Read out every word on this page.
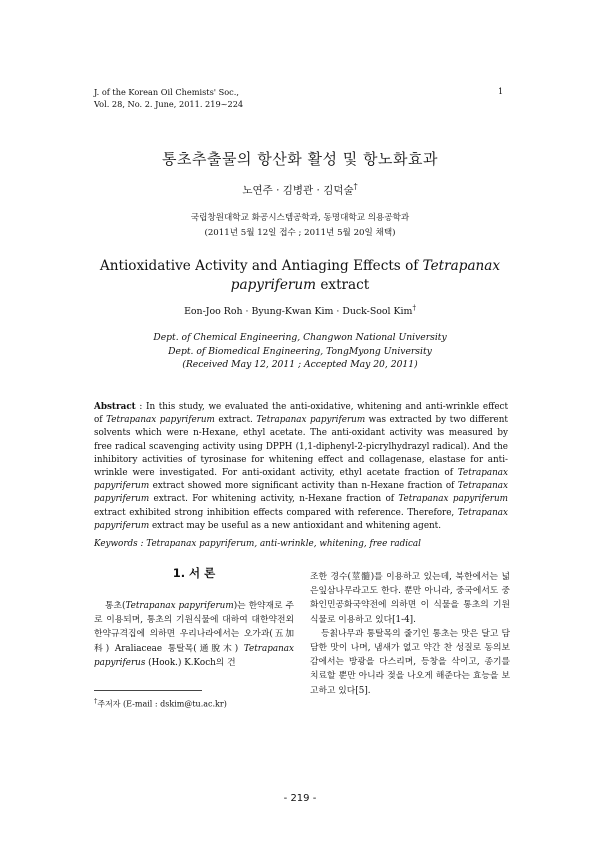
J. of the Korean Oil Chemists' Soc.,
Vol. 28, No. 2. June, 2011. 219~224
1
통초추출물의 항산화 활성 및 항노화효과
노연주 · 김병관 · 김덕술†
국립창원대학교 화공시스템공학과, 동명대학교 의용공학과
(2011년 5월 12일 접수 ; 2011년 5월 20일 채택)
Antioxidative Activity and Antiaging Effects of Tetrapanax papyriferum extract
Eon-Joo Roh · Byung-Kwan Kim · Duck-Sool Kim†
Dept. of Chemical Engineering, Changwon National University
Dept. of Biomedical Engineering, TongMyong University
(Received May 12, 2011 ; Accepted May 20, 2011)
Abstract : In this study, we evaluated the anti-oxidative, whitening and anti-wrinkle effect of Tetrapanax papyriferum extract. Tetrapanax papyriferum was extracted by two different solvents which were n-Hexane, ethyl acetate. The anti-oxidant activity was measured by free radical scavenging activity using DPPH (1,1-diphenyl-2-picrylhydrazyl radical). And the inhibitory activities of tyrosinase for whitening effect and collagenase, elastase for anti-wrinkle were investigated. For anti-oxidant activity, ethyl acetate fraction of Tetrapanax papyriferum extract showed more significant activity than n-Hexane fraction of Tetrapanax papyriferum extract. For whitening activity, n-Hexane fraction of Tetrapanax papyriferum extract exhibited strong inhibition effects compared with reference. Therefore, Tetrapanax papyriferum extract may be useful as a new antioxidant and whitening agent.
Keywords : Tetrapanax papyriferum, anti-wrinkle, whitening, free radical
1. 서 론

통초(Tetrapanax papyriferum)는 한약재로 주로 이용되며, 통초의 기원식물에 대하여 대한약전외 한약규격집에 의하면 우리나라에서는 오가과(五加科) Araliaceae 통탈목(通脫木) Tetrapanax papyriferus (Hook.) K.Koch의 건

조한 경수(莖髓)를 이용하고 있는데, 북한에서는 넓은잎삼나무라고도 한다. 뿐만 아니라, 중국에서도 중화인민공화국약전에 의하면 이 식물을 통초의 기원식물로 이용하고 있다[1-4].

등칡나무과 통탈목의 줄기인 통초는 맛은 달고 담담한 맛이 나며, 냄새가 없고 약간 찬 성질로 동의보감에서는 방광을 다스리며, 등창을 삭이고, 종기를 치료할 뿐만 아니라 젖을 나오게 해준다는 효능을 보고하고 있다[5].

†주저자 (E-mail : dskim@tu.ac.kr)
- 219 -
